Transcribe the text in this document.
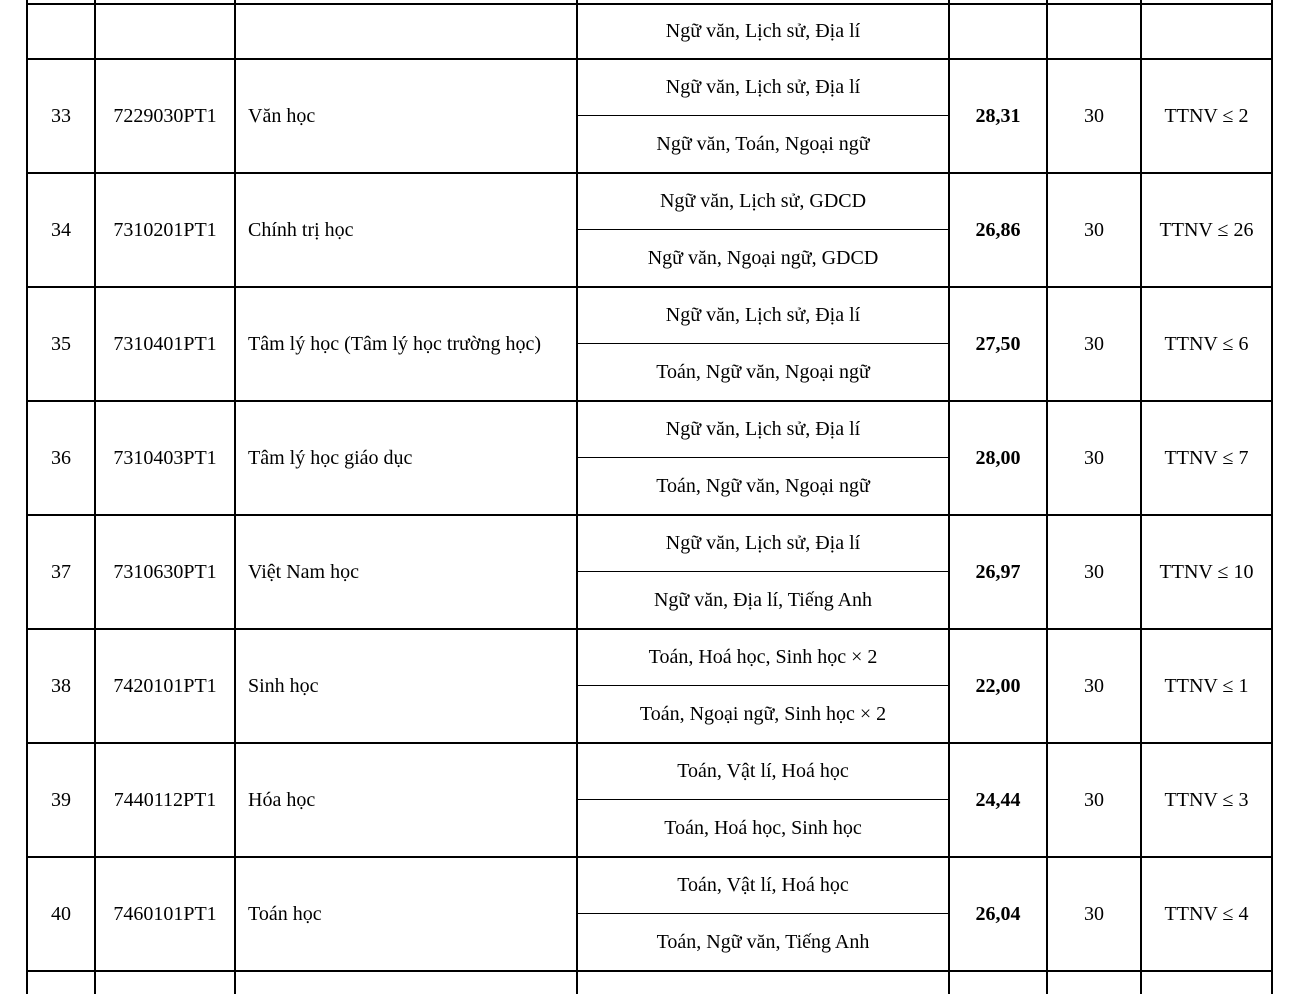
			Ngữ văn, Lịch sử, Địa lí			
33	7229030PT1	Văn học	Ngữ văn, Lịch sử, Địa lí	28,31	30	TTNV ≤ 2
			Ngữ văn, Toán, Ngoại ngữ			
34	7310201PT1	Chính trị học	Ngữ văn, Lịch sử, GDCD	26,86	30	TTNV ≤ 26
			Ngữ văn, Ngoại ngữ, GDCD			
35	7310401PT1	Tâm lý học (Tâm lý học trường học)	Ngữ văn, Lịch sử, Địa lí	27,50	30	TTNV ≤ 6
			Toán, Ngữ văn, Ngoại ngữ			
36	7310403PT1	Tâm lý học giáo dục	Ngữ văn, Lịch sử, Địa lí	28,00	30	TTNV ≤ 7
			Toán, Ngữ văn, Ngoại ngữ			
37	7310630PT1	Việt Nam học	Ngữ văn, Lịch sử, Địa lí	26,97	30	TTNV ≤ 10
			Ngữ văn, Địa lí, Tiếng Anh			
38	7420101PT1	Sinh học	Toán, Hoá học, Sinh học × 2	22,00	30	TTNV ≤ 1
			Toán, Ngoại ngữ, Sinh học × 2			
39	7440112PT1	Hóa học	Toán, Vật lí, Hoá học	24,44	30	TTNV ≤ 3
			Toán, Hoá học, Sinh học			
40	7460101PT1	Toán học	Toán, Vật lí, Hoá học	26,04	30	TTNV ≤ 4
			Toán, Ngữ văn, Tiếng Anh			
